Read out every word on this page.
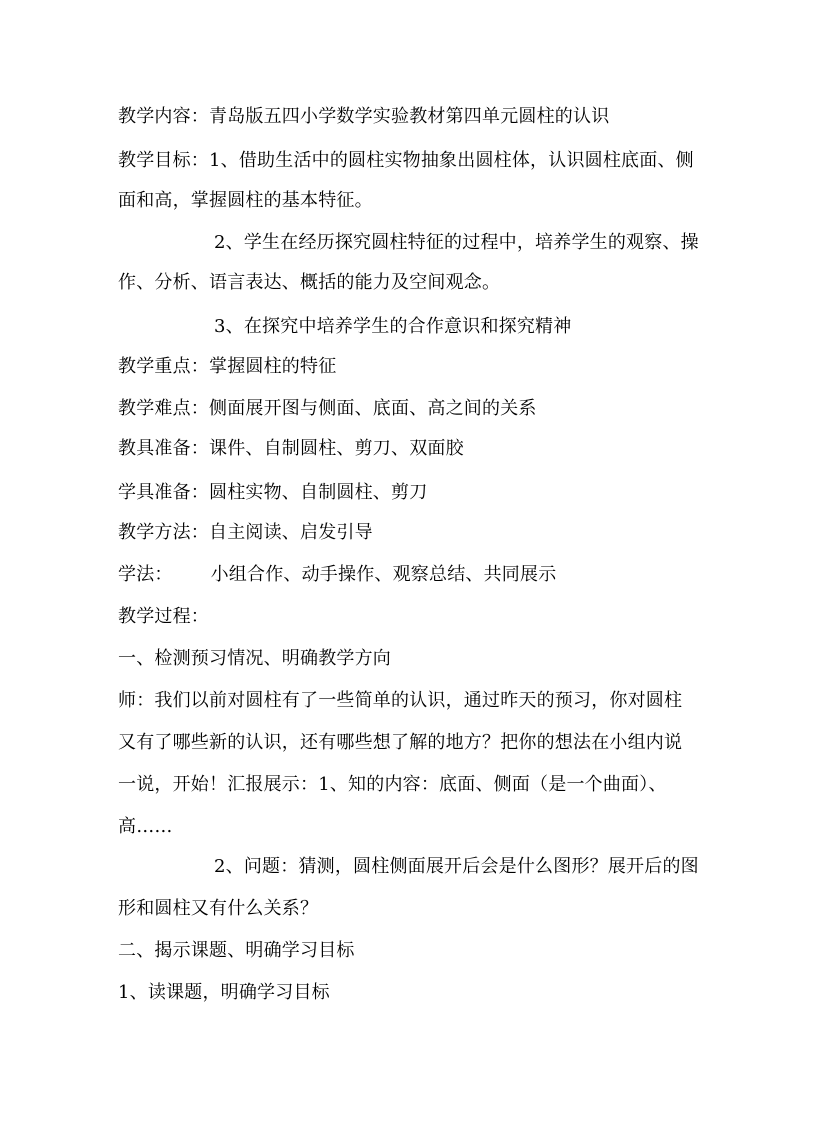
教学内容：青岛版五四小学数学实验教材第四单元圆柱的认识
教学目标：1、借助生活中的圆柱实物抽象出圆柱体，认识圆柱底面、侧
面和高，掌握圆柱的基本特征。
2、学生在经历探究圆柱特征的过程中，培养学生的观察、操
作、分析、语言表达、概括的能力及空间观念。
3、在探究中培养学生的合作意识和探究精神
教学重点：掌握圆柱的特征
教学难点：侧面展开图与侧面、底面、高之间的关系
教具准备：课件、自制圆柱、剪刀、双面胶
学具准备：圆柱实物、自制圆柱、剪刀
教学方法：自主阅读、启发引导
学法： 小组合作、动手操作、观察总结、共同展示
教学过程：
一、检测预习情况、明确教学方向
师：我们以前对圆柱有了一些简单的认识，通过昨天的预习，你对圆柱
又有了哪些新的认识，还有哪些想了解的地方？把你的想法在小组内说
一说，开始！汇报展示：1、知的内容：底面、侧面（是一个曲面）、
高……
2、问题：猜测，圆柱侧面展开后会是什么图形？展开后的图
形和圆柱又有什么关系？
二、揭示课题、明确学习目标
1、读课题，明确学习目标
